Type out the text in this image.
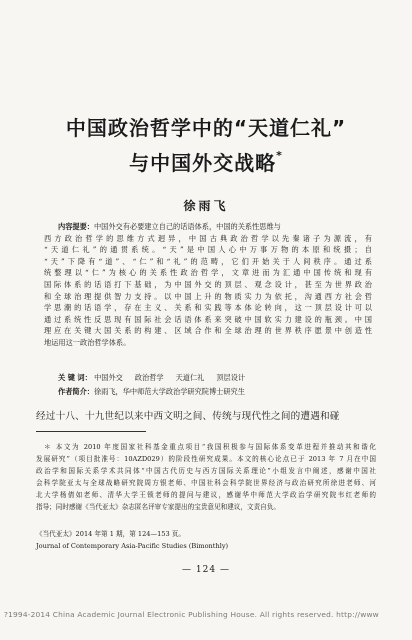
中国政治哲学中的“天道仁礼”
与中国外交战略*
徐雨飞
内容提要：中国外交有必要建立自己的话语体系，中国的关系性思维与
西方政治哲学的思维方式迥异，中国古典政治哲学以先秦诸子为源流，有
“天道仁礼”的通贯系统。“天”是中国人心中万事万物的本原和统摄；自
“天”下降有“道”、“仁”和“礼”的范畴，它们开始关于人间秩序。通过系
统整理以“仁”为核心的关系性政治哲学，文章进而为汇通中国传统和现有
国际体系的话语打下基础，为中国外交的顶层、观念设计，甚至为世界政治
和全球治理提供智力支持。以中国上升的物质实力为依托，沟通西方社会哲
学思潮的话语学，存在主义、关系和实践等本体论转向，这一顶层设计可以
通过系统性反思现有国际社会话语体系来突破中国软实力建设的瓶颈。中国
理应在关键大国关系的构建、区域合作和全球治理的世界秩序愿景中创造性
地运用这一政治哲学体系。
关 键 词： 中国外交 政治哲学 天道仁礼 顶层设计
作者简介：徐雨飞，华中师范大学政治学研究院博士研究生
经过十八、十九世纪以来中西文明之间、传统与现代性之间的遭遇和碰
＊ 本文为 2010 年度国家社科基金重点项目“我国积极参与国际体系变革进程并推动其和谐化
发展研究”（项目批准号：10AZD029）的阶段性研究成果。本文的核心论点已于 2013 年 7 月在中国
政治学和国际关系学术共同体“中国古代历史与西方国际关系理论”小组发言中阐述，感谢中国社
会科学院亚太与全球战略研究院周方银老师、中国社科会科学院世界经济与政治研究所徐进老师、河
北大学杨倩如老师、清华大学王锁老师的提问与建议，感谢华中师范大学政治学研究院韦红老师的
指导；同时感谢《当代亚太》杂志匿名评审专家提出的宝贵意见和建议，文责自负。
《当代亚太》2014 年第 1 期，第 124—153 页。
Journal of Contemporary Asia-Pacific Studies (Bimonthly)
— 124 —
?1994-2014 China Academic Journal Electronic Publishing House. All rights reserved. http://www
